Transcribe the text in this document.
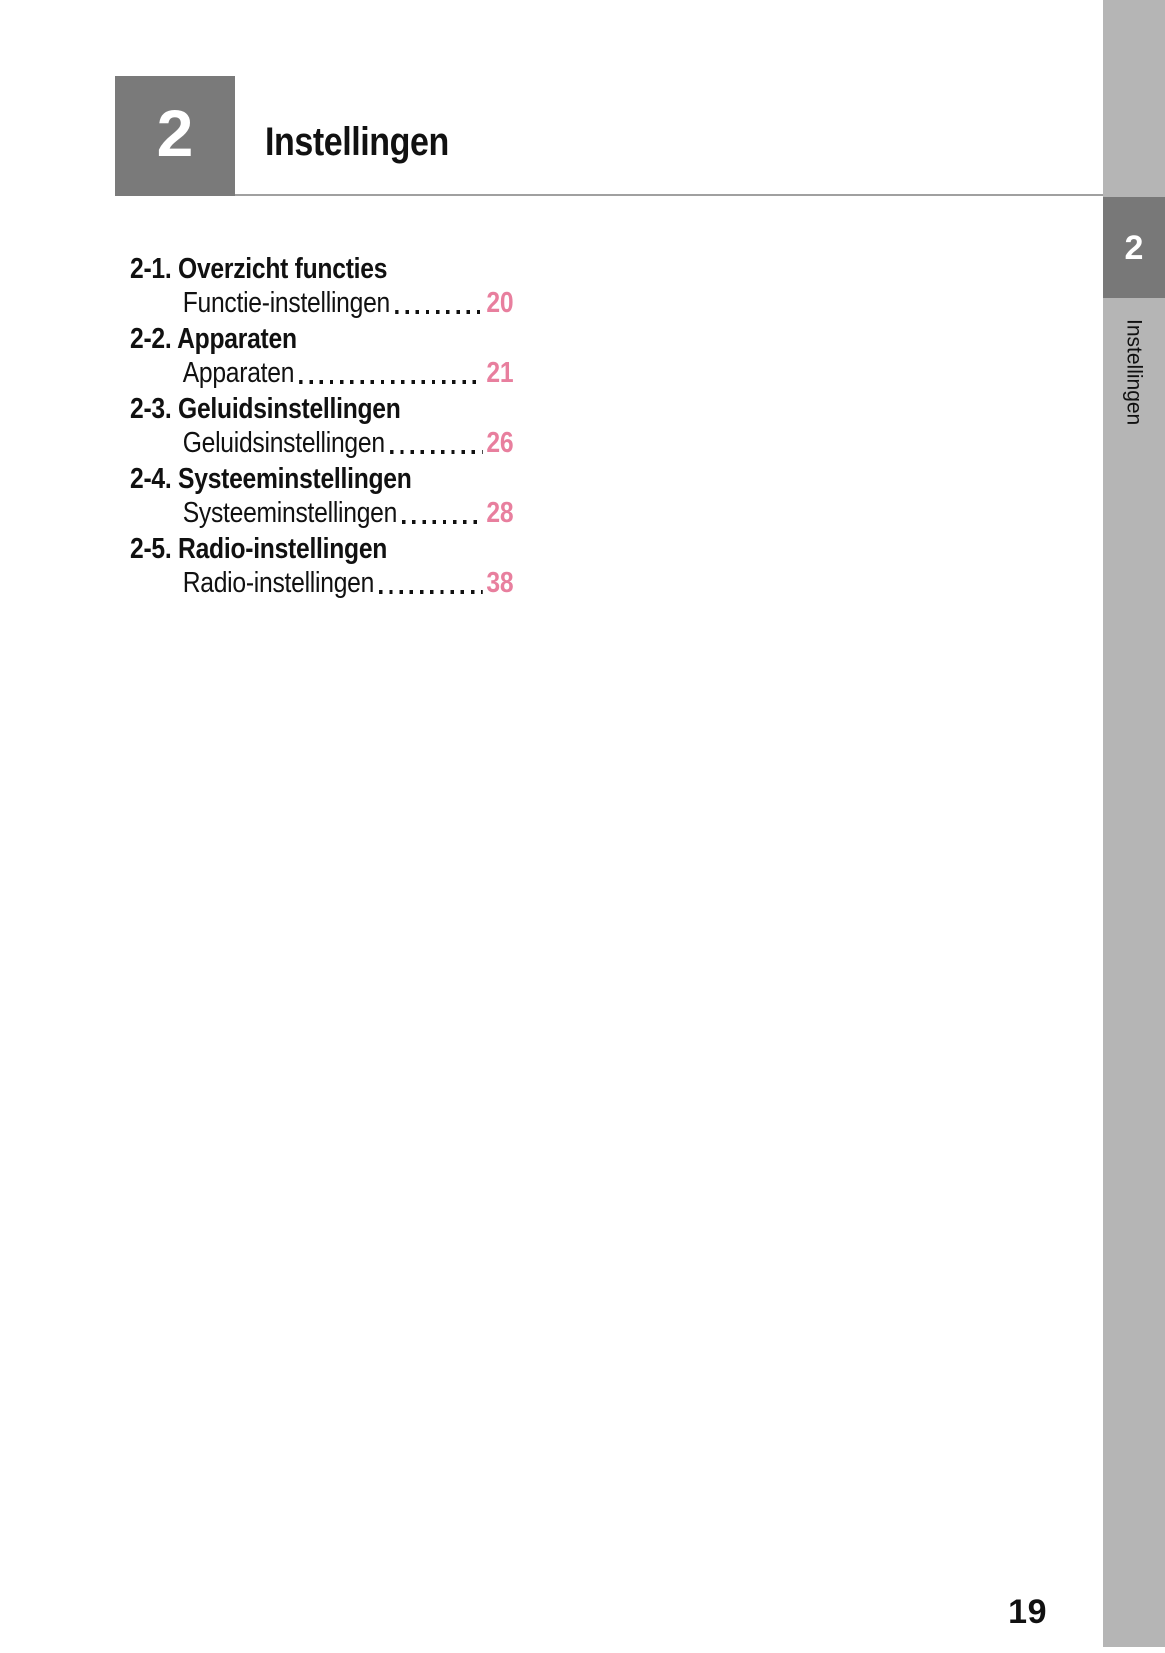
2
Instellingen
2 Instellingen
2-1. Overzicht functies
Functie-instellingen	20
2-2. Apparaten
Apparaten	21
2-3. Geluidsinstellingen
Geluidsinstellingen	26
2-4. Systeeminstellingen
Systeeminstellingen	28
2-5. Radio-instellingen
Radio-instellingen	38
19
